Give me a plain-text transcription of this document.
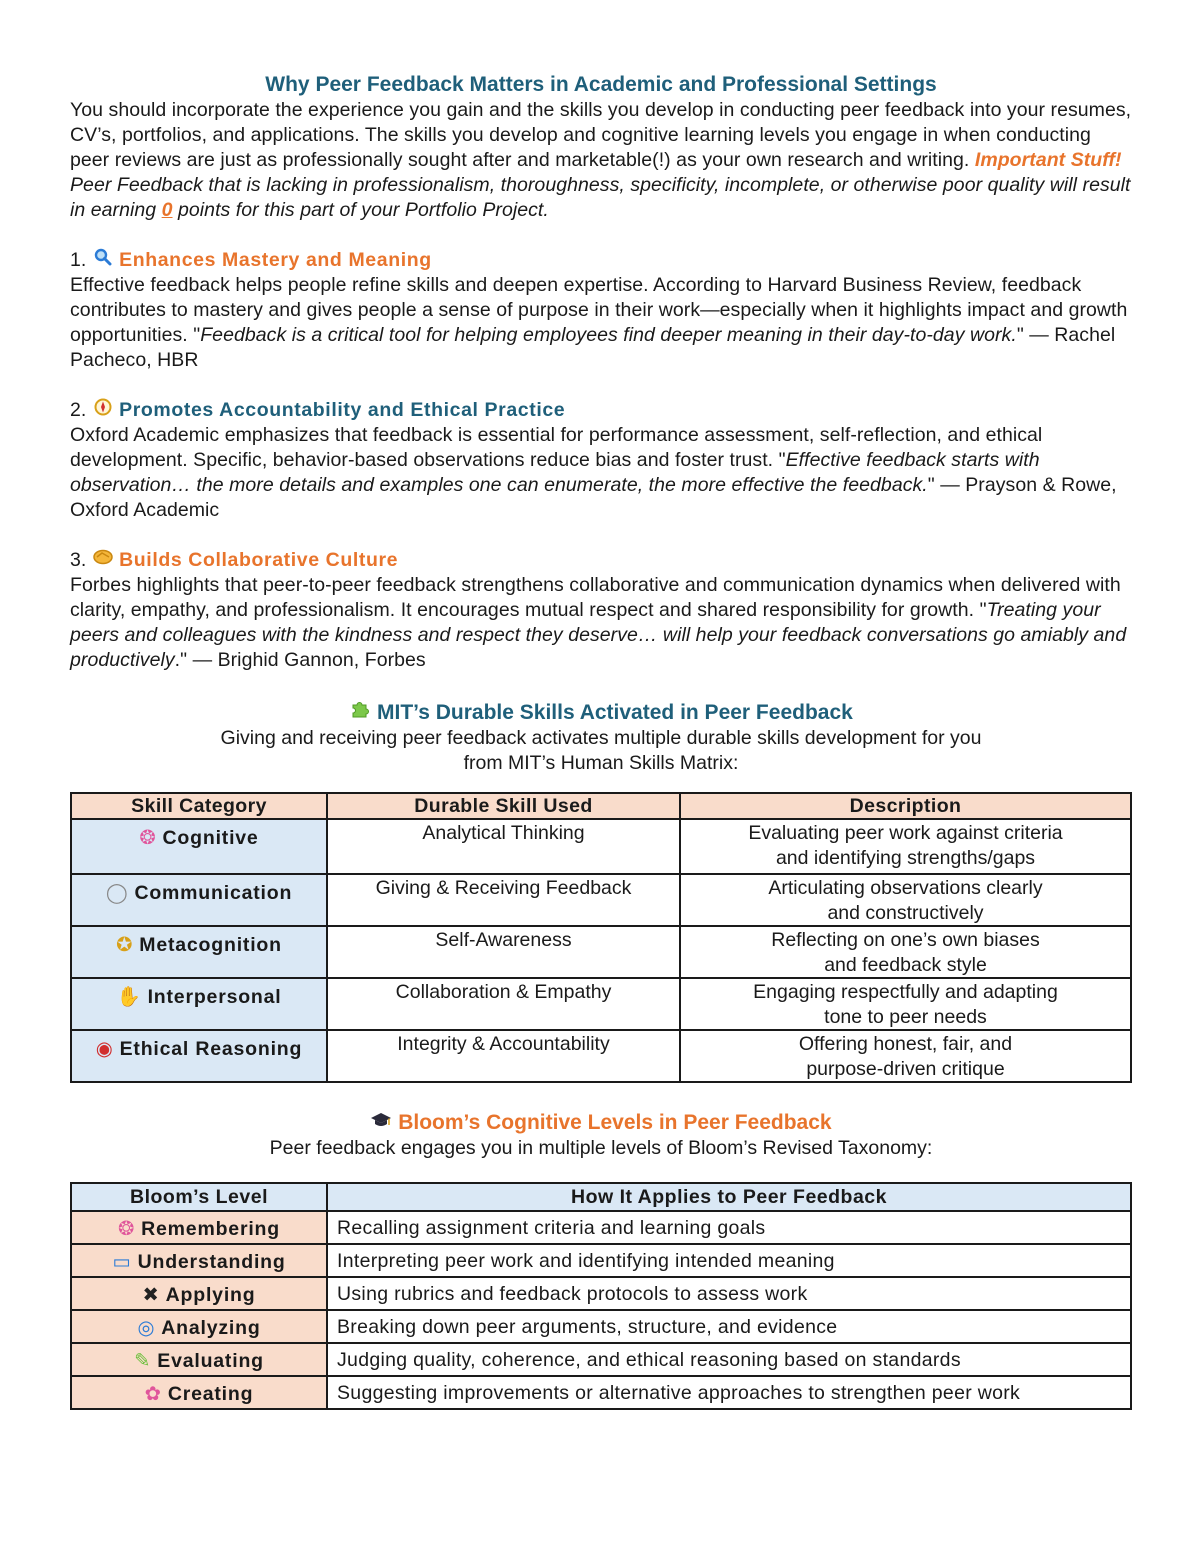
Why Peer Feedback Matters in Academic and Professional Settings

You should incorporate the experience you gain and the skills you develop in conducting peer feedback into your resumes, CV’s, portfolios, and applications. The skills you develop and cognitive learning levels you engage in when conducting peer reviews are just as professionally sought after and marketable(!) as your own research and writing. Important Stuff! Peer Feedback that is lacking in professionalism, thoroughness, specificity, incomplete, or otherwise poor quality will result in earning 0 points for this part of your Portfolio Project.

1. Enhances Mastery and Meaning

Effective feedback helps people refine skills and deepen expertise. According to Harvard Business Review, feedback contributes to mastery and gives people a sense of purpose in their work—especially when it highlights impact and growth opportunities. "Feedback is a critical tool for helping employees find deeper meaning in their day-to-day work." — Rachel Pacheco, HBR

2. Promotes Accountability and Ethical Practice

Oxford Academic emphasizes that feedback is essential for performance assessment, self-reflection, and ethical development. Specific, behavior-based observations reduce bias and foster trust. "Effective feedback starts with observation… the more details and examples one can enumerate, the more effective the feedback." — Prayson & Rowe, Oxford Academic

3. Builds Collaborative Culture

Forbes highlights that peer-to-peer feedback strengthens collaborative and communication dynamics when delivered with clarity, empathy, and professionalism. It encourages mutual respect and shared responsibility for growth. "Treating your peers and colleagues with the kindness and respect they deserve… will help your feedback conversations go amiably and productively." — Brighid Gannon, Forbes

MIT’s Durable Skills Activated in Peer Feedback

Giving and receiving peer feedback activates multiple durable skills development for you

from MIT’s Human Skills Matrix:

Skill Category	Durable Skill Used	Description
❂ Cognitive	Analytical Thinking	Evaluating peer work against criteria
and identifying strengths/gaps
◯ Communication	Giving & Receiving Feedback	Articulating observations clearly
and constructively
✪ Metacognition	Self-Awareness	Reflecting on one’s own biases
and feedback style
✋ Interpersonal	Collaboration & Empathy	Engaging respectfully and adapting
tone to peer needs
◉ Ethical Reasoning	Integrity & Accountability	Offering honest, fair, and
purpose-driven critique

Bloom’s Cognitive Levels in Peer Feedback

Peer feedback engages you in multiple levels of Bloom’s Revised Taxonomy:

Bloom’s Level	How It Applies to Peer Feedback
❂ Remembering	Recalling assignment criteria and learning goals
▭ Understanding	Interpreting peer work and identifying intended meaning
✖ Applying	Using rubrics and feedback protocols to assess work
◎ Analyzing	Breaking down peer arguments, structure, and evidence
✎ Evaluating	Judging quality, coherence, and ethical reasoning based on standards
✿ Creating	Suggesting improvements or alternative approaches to strengthen peer work
